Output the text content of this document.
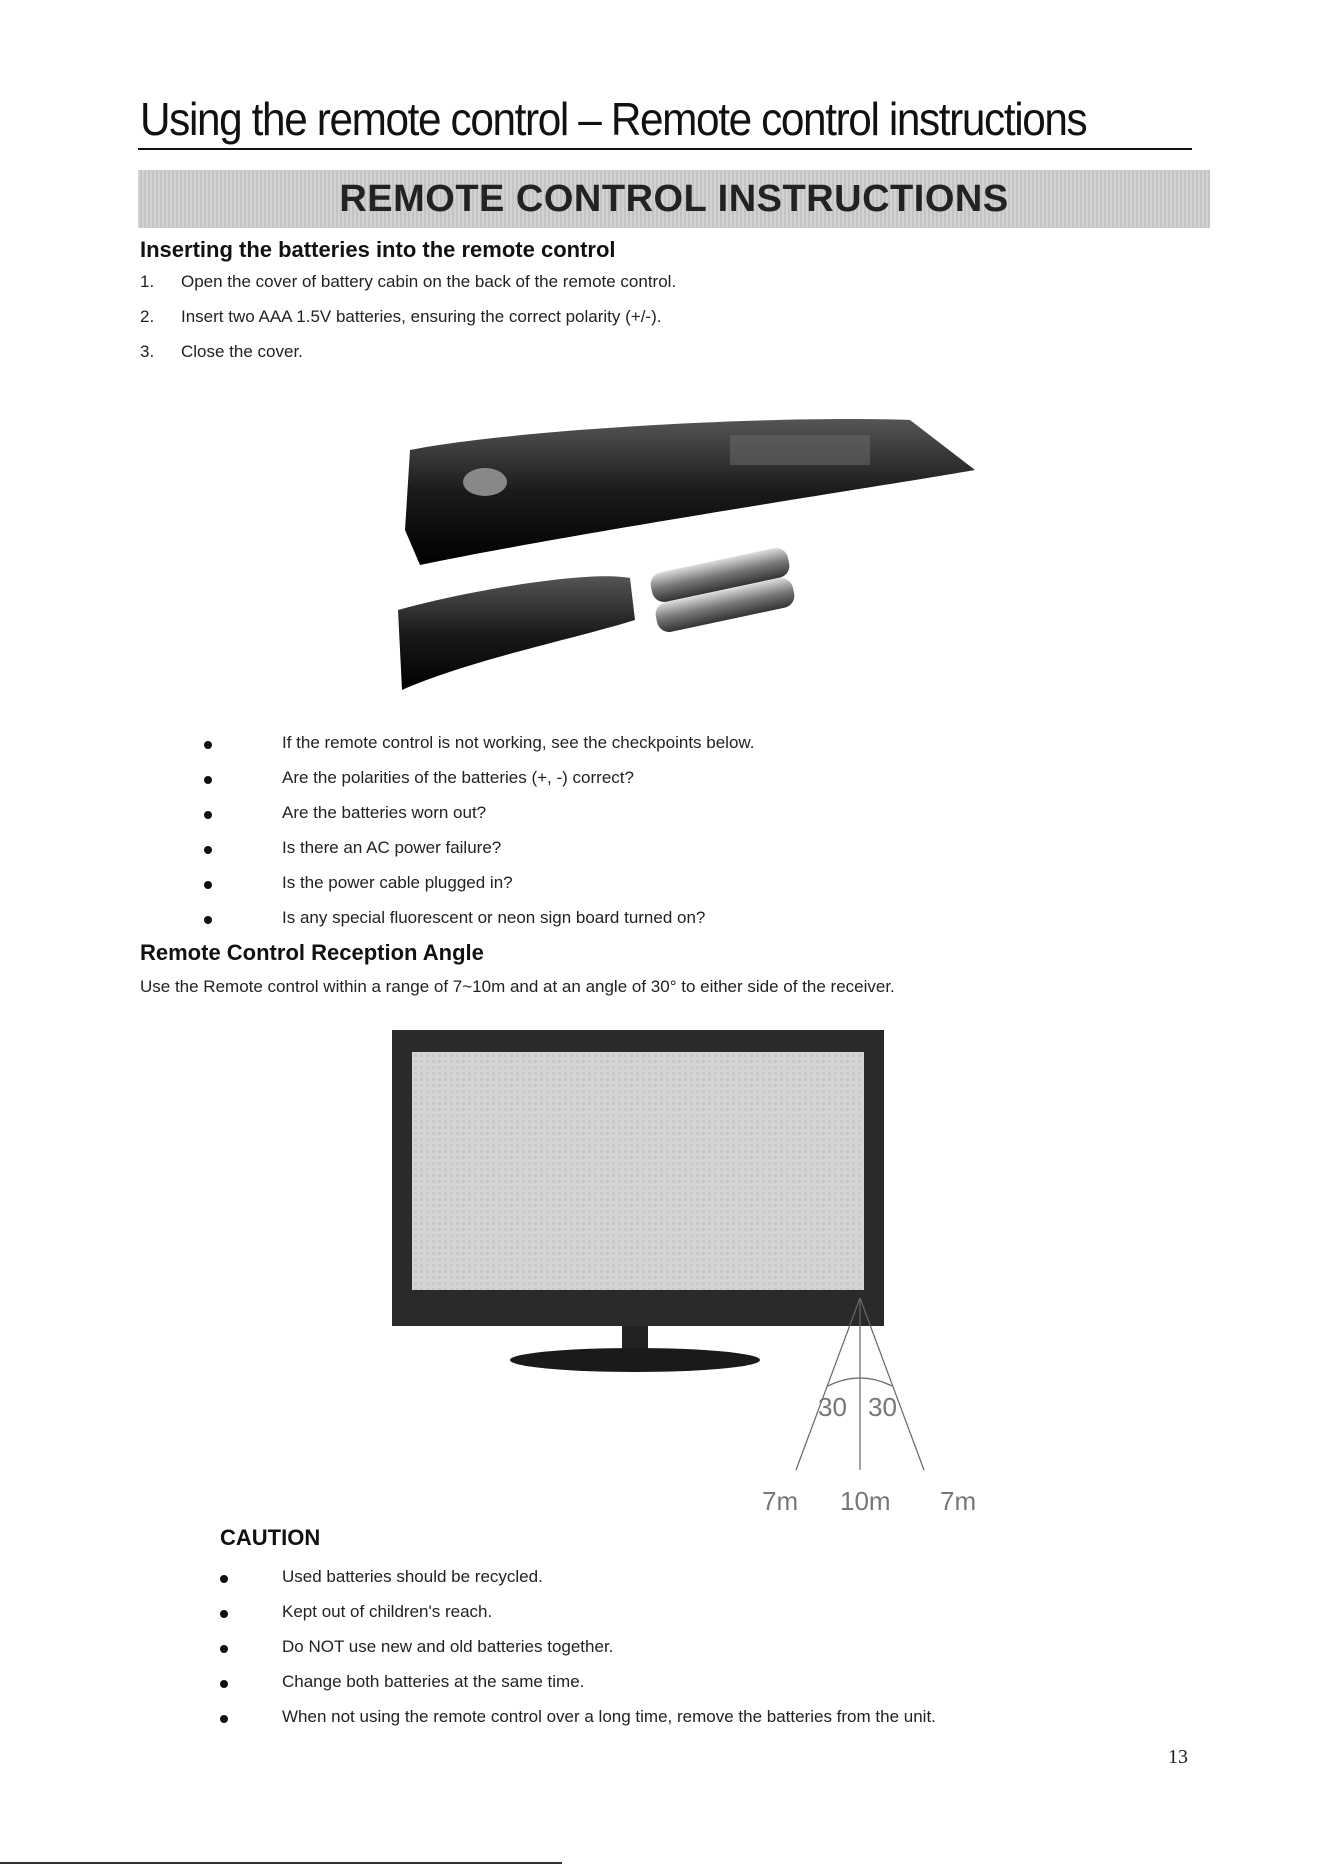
Using the remote control – Remote control instructions
REMOTE CONTROL INSTRUCTIONS
Inserting the batteries into the remote control
1. Open the cover of battery cabin on the back of the remote control.
2. Insert two AAA 1.5V batteries, ensuring the correct polarity (+/-).
3. Close the cover.
If the remote control is not working, see the checkpoints below.
Are the polarities of the batteries (+, -) correct?
Are the batteries worn out?
Is there an AC power failure?
Is the power cable plugged in?
Is any special fluorescent or neon sign board turned on?
Remote Control Reception Angle
Use the Remote control within a range of 7~10m and at an angle of 30° to either side of the receiver.
30 30
7m 10m 7m
CAUTION
Used batteries should be recycled.
Kept out of children's reach.
Do NOT use new and old batteries together.
Change both batteries at the same time.
When not using the remote control over a long time, remove the batteries from the unit.
13
